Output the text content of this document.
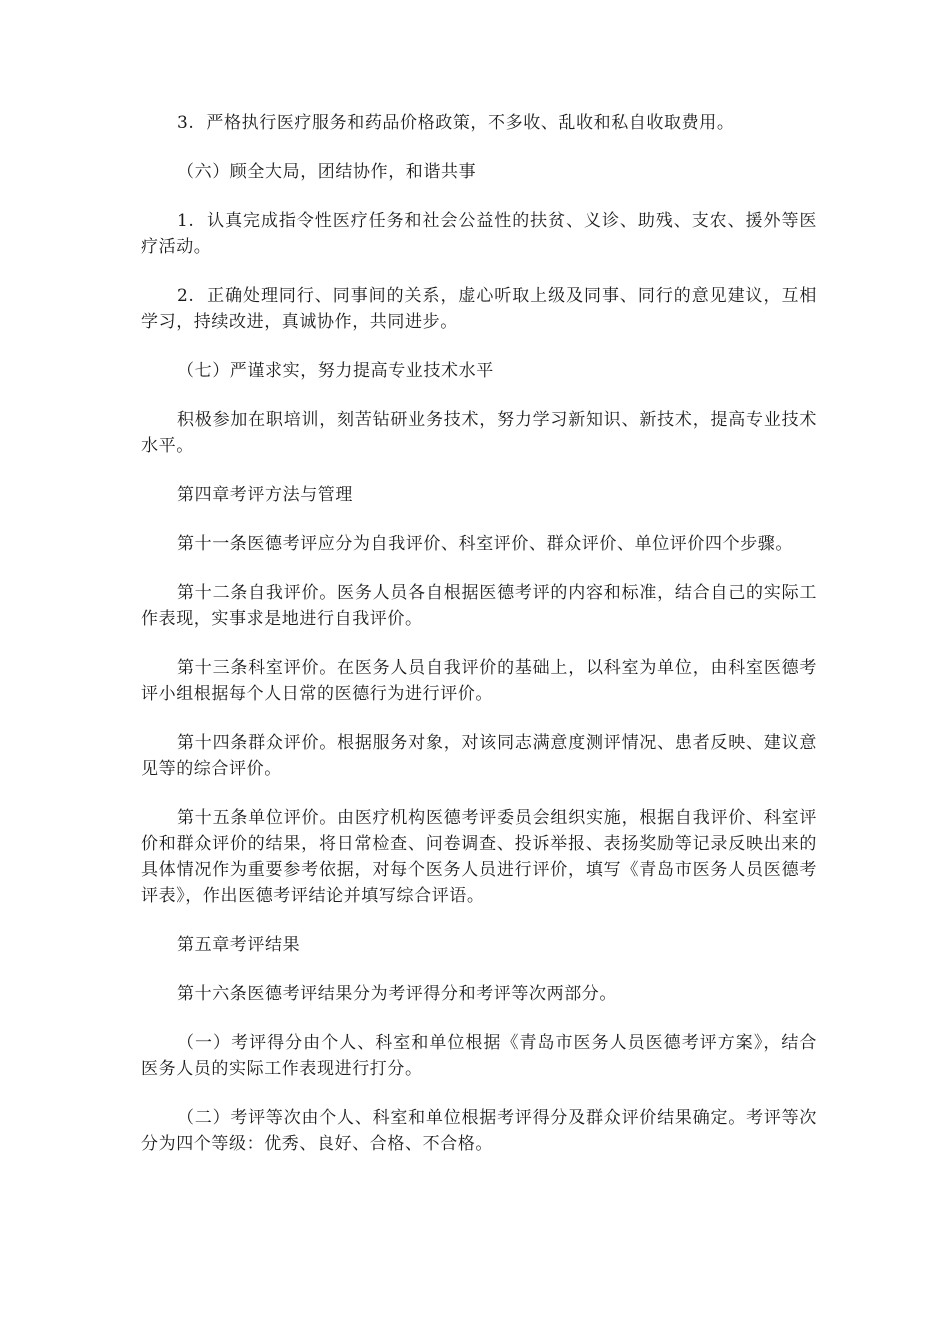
3.  严格执行医疗服务和药品价格政策，不多收、乱收和私自收取费用。

（六）顾全大局，团结协作，和谐共事

1.  认真完成指令性医疗任务和社会公益性的扶贫、义诊、助残、支农、援外等医疗活动。

2.  正确处理同行、同事间的关系，虚心听取上级及同事、同行的意见建议，互相学习，持续改进，真诚协作，共同进步。

（七）严谨求实，努力提高专业技术水平

积极参加在职培训，刻苦钻研业务技术，努力学习新知识、新技术，提高专业技术水平。

第四章考评方法与管理

第十一条医德考评应分为自我评价、科室评价、群众评价、单位评价四个步骤。

第十二条自我评价。医务人员各自根据医德考评的内容和标准，结合自己的实际工作表现，实事求是地进行自我评价。

第十三条科室评价。在医务人员自我评价的基础上，以科室为单位，由科室医德考评小组根据每个人日常的医德行为进行评价。

第十四条群众评价。根据服务对象，对该同志满意度测评情况、患者反映、建议意见等的综合评价。

第十五条单位评价。由医疗机构医德考评委员会组织实施，根据自我评价、科室评价和群众评价的结果，将日常检查、问卷调查、投诉举报、表扬奖励等记录反映出来的具体情况作为重要参考依据，对每个医务人员进行评价，填写《青岛市医务人员医德考评表》，作出医德考评结论并填写综合评语。

第五章考评结果

第十六条医德考评结果分为考评得分和考评等次两部分。

（一）考评得分由个人、科室和单位根据《青岛市医务人员医德考评方案》，结合医务人员的实际工作表现进行打分。

（二）考评等次由个人、科室和单位根据考评得分及群众评价结果确定。考评等次分为四个等级：优秀、良好、合格、不合格。
